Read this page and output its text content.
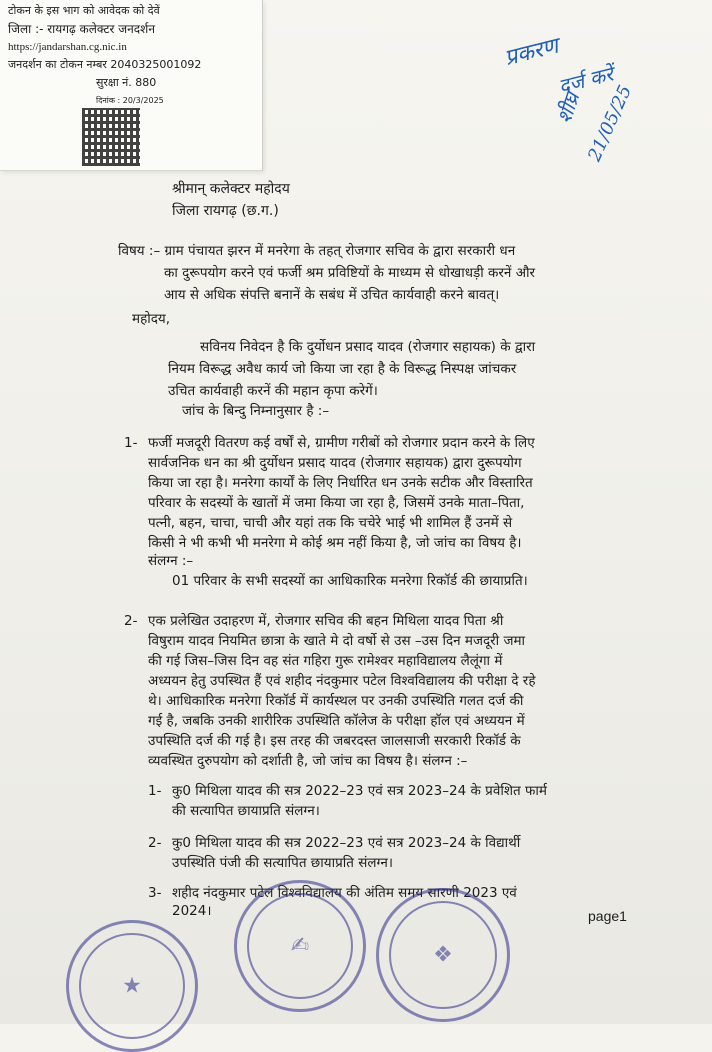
टोकन के इस भाग को आवेदक को देवें
जिला :- रायगढ़ कलेक्टर जनदर्शन
https://jandarshan.cg.nic.in
जनदर्शन का टोकन नम्बर 2040325001092
सुरक्षा नं. 880
दिनांक : 20/3/2025
प्रकरण
दर्ज करें
शीघ्र 21/05/25
श्रीमान् कलेक्टर महोदय
जिला रायगढ़ (छ.ग.)
विषय :– ग्राम पंचायत झरन में मनरेगा के तहत् रोजगार सचिव के द्वारा सरकारी धन
का दुरूपयोग करने एवं फर्जी श्रम प्रविष्टियों के माध्यम से धोखाधड़ी करनें और
आय से अधिक संपत्ति बनानें के सबंध में उचित कार्यवाही करने बावत्।
महोदय,
सविनय निवेदन है कि दुर्योधन प्रसाद यादव (रोजगार सहायक) के द्वारा
नियम विरूद्ध अवैध कार्य जो किया जा रहा है के विरूद्ध निस्पक्ष जांचकर
उचित कार्यवाही करनें की महान कृपा करेगें।
जांच के बिन्दु निम्नानुसार है :–
1- फर्जी मजदूरी वितरण कई वर्षों से, ग्रामीण गरीबों को रोजगार प्रदान करने के लिए
सार्वजनिक धन का श्री दुर्योधन प्रसाद यादव (रोजगार सहायक) द्वारा दुरूपयोग
किया जा रहा है। मनरेगा कार्यों के लिए निर्धारित धन उनके सटीक और विस्तारित
परिवार के सदस्यों के खातों में जमा किया जा रहा है, जिसमें उनके माता–पिता,
पत्नी, बहन, चाचा, चाची और यहां तक कि चचेरे भाई भी शामिल हैं उनमें से
किसी ने भी कभी भी मनरेगा मे कोई श्रम नहीं किया है, जो जांच का विषय है।
संलग्न :–
01 परिवार के सभी सदस्यों का आधिकारिक मनरेगा रिकॉर्ड की छायाप्रति।
2- एक प्रलेखित उदाहरण में, रोजगार सचिव की बहन मिथिला यादव पिता श्री
विषुराम यादव नियमित छात्रा के खाते मे दो वर्षो से उस –उस दिन मजदूरी जमा
की गई जिस–जिस दिन वह संत गहिरा गुरू रामेश्वर महाविद्यालय लैलूंगा में
अध्ययन हेतु उपस्थित हैं एवं शहीद नंदकुमार पटेल विश्वविद्यालय की परीक्षा दे रहे
थे। आधिकारिक मनरेगा रिकॉर्ड में कार्यस्थल पर उनकी उपस्थिति गलत दर्ज की
गई है, जबकि उनकी शारीरिक उपस्थिति कॉलेज के परीक्षा हॉल एवं अध्ययन में
उपस्थिति दर्ज की गई है। इस तरह की जबरदस्त जालसाजी सरकारी रिकॉर्ड के
व्यवस्थित दुरुपयोग को दर्शाती है, जो जांच का विषय है। संलग्न :–
1- कु0 मिथिला यादव की सत्र 2022–23 एवं सत्र 2023–24 के प्रवेशित फार्म
की सत्यापित छायाप्रति संलग्न।
2- कु0 मिथिला यादव की सत्र 2022–23 एवं सत्र 2023–24 के विद्यार्थी
उपस्थिति पंजी की सत्यापित छायाप्रति संलग्न।
3- शहीद नंदकुमार पटेल विश्वविद्यालय की अंतिम समय सारणी 2023 एवं
2024।	page1
★
✍	❖
